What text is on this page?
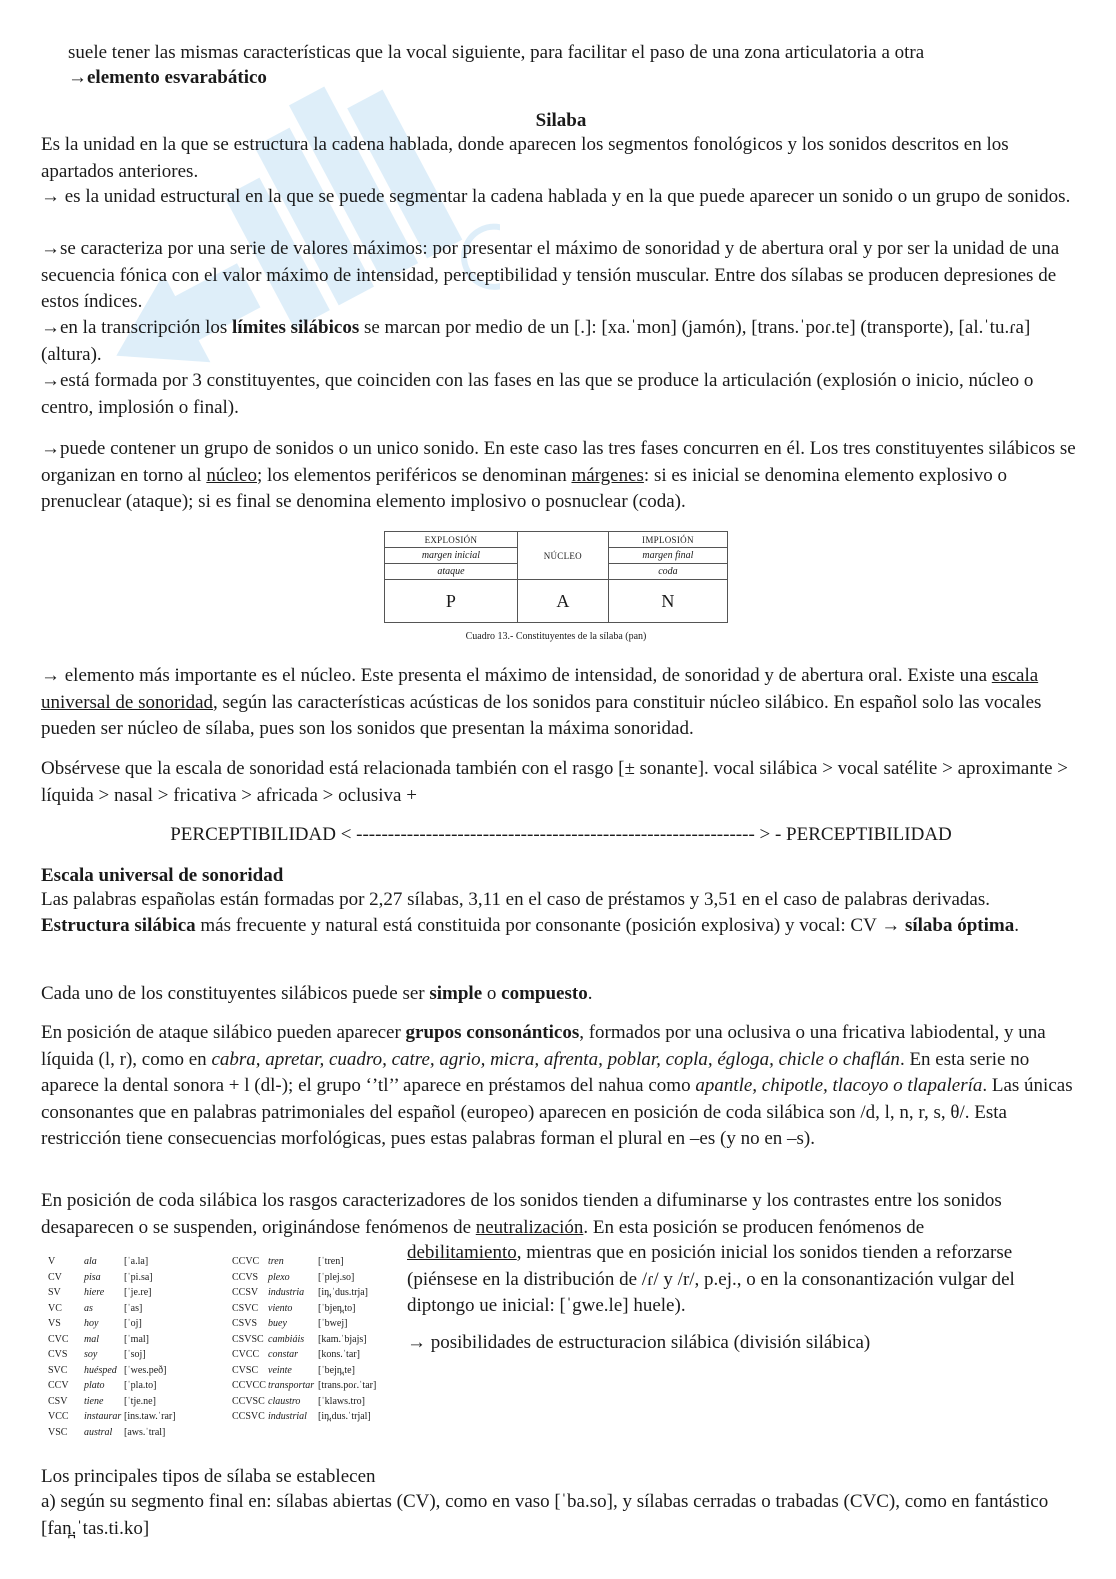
suele tener las mismas características que la vocal siguiente, para facilitar el paso de una zona articulatoria a otra

→elemento esvarabático

Silaba

Es la unidad en la que se estructura la cadena hablada, donde aparecen los segmentos fonológicos y los sonidos descritos en los apartados anteriores.

→ es la unidad estructural en la que se puede segmentar la cadena hablada y en la que puede aparecer un sonido o un grupo de sonidos.

→se caracteriza por una serie de valores máximos: por presentar el máximo de sonoridad y de abertura oral y por ser la unidad de una secuencia fónica con el valor máximo de intensidad, perceptibilidad y tensión muscular. Entre dos sílabas se producen depresiones de estos índices.

→en la transcripción los límites silábicos se marcan por medio de un [.]: [xa.ˈmon] (jamón), [trans.ˈpoɾ.te] (transporte), [al.ˈtu.ɾa] (altura).

→está formada por 3 constituyentes, que coinciden con las fases en las que se produce la articulación (explosión o inicio, núcleo o centro, implosión o final).

→puede contener un grupo de sonidos o un unico sonido. En este caso las tres fases concurren en él. Los tres constituyentes silábicos se organizan en torno al núcleo; los elementos periféricos se denominan márgenes: si es inicial se denomina elemento explosivo o prenuclear (ataque); si es final se denomina elemento implosivo o posnuclear (coda).

EXPLOSIÓN	NÚCLEO	IMPLOSIÓN
margen inicial		margen final
ataque		coda
P	A	N
Cuadro 13.- Constituyentes de la sílaba (pan)

→ elemento más importante es el núcleo. Este presenta el máximo de intensidad, de sonoridad y de abertura oral. Existe una escala universal de sonoridad, según las características acústicas de los sonidos para constituir núcleo silábico. En español solo las vocales pueden ser núcleo de sílaba, pues son los sonidos que presentan la máxima sonoridad.

Obsérvese que la escala de sonoridad está relacionada también con el rasgo [± sonante]. vocal silábica > vocal satélite > aproximante > líquida > nasal > fricativa > africada > oclusiva +

PERCEPTIBILIDAD < --------------------------------------------------------------- > - PERCEPTIBILIDAD

Escala universal de sonoridad

Las palabras españolas están formadas por 2,27 sílabas, 3,11 en el caso de préstamos y 3,51 en el caso de palabras derivadas.

Estructura silábica más frecuente y natural está constituida por consonante (posición explosiva) y vocal: CV → sílaba óptima.

Cada uno de los constituyentes silábicos puede ser simple o compuesto.

En posición de ataque silábico pueden aparecer grupos consonánticos, formados por una oclusiva o una fricativa labiodental, y una líquida (l, r), como en cabra, apretar, cuadro, catre, agrio, micra, afrenta, poblar, copla, égloga, chicle o chaflán. En esta serie no aparece la dental sonora + l (dl-); el grupo ‘’tl’’ aparece en préstamos del nahua como apantle, chipotle, tlacoyo o tlapalería. Las únicas consonantes que en palabras patrimoniales del español (europeo) aparecen en posición de coda silábica son /d, l, n, r, s, θ/. Esta restricción tiene consecuencias morfológicas, pues estas palabras forman el plural en –es (y no en –s).

En posición de coda silábica los rasgos caracterizadores de los sonidos tienden a difuminarse y los contrastes entre los sonidos desaparecen o se suspenden, originándose fenómenos de neutralización. En esta posición se producen fenómenos de

V	ala	[ˈa.la]
CV pisa [ˈpi.sa]
SV hiere [ˈje.re]
VC as	[ˈas]
VS hoy	[ˈoj]
CVC mal	[ˈmal]
CVS soy	[ˈsoj]
SVC huésped [ˈwes.peð]
CCV plato [ˈpla.to]
CSV tiene [ˈtje.ne]
VCC instaurar [ins.taw.ˈrar]
VSC austral [aws.ˈtral]
CCVC tren	[ˈtren]
CCVS plexo	[ˈplej.so]
CCSV industria [in̪.ˈdus.trja]
CSVC viento	[ˈbjen̪.to]
CSVS buey	[ˈbwej]
CSVSC cambiáis [kam.ˈbjajs]
CVCC constar [kons.ˈtar]
CVSC veinte	[ˈbejn̪.te]
CCVCC transportar [trans.poɾ.ˈtar]
CCVSC claustro [ˈklaws.tro]
CCSVC industrial [in̪.dus.ˈtrjal]

debilitamiento, mientras que en posición inicial los sonidos tienden a reforzarse (piénsese en la distribución de /ɾ/ y /r/, p.ej., o en la consonantización vulgar del diptongo ue inicial: [ˈgwe.le] huele).

→ posibilidades de estructuracion silábica (división silábica)

Los principales tipos de sílaba se establecen

a) según su segmento final en: sílabas abiertas (CV), como en vaso [ˈba.so], y sílabas cerradas o trabadas (CVC), como en fantástico [fan̪.ˈtas.ti.ko]
